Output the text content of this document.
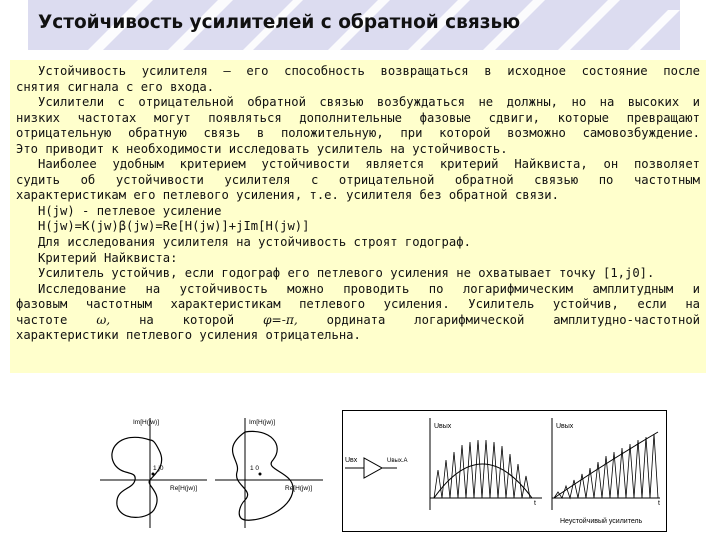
Устойчивость усилителей с обратной связью

Устойчивость усилителя – его способность возвращаться в исходное состояние после

снятия сигнала с его входа.

Усилители с отрицательной обратной связью возбуждаться не должны, но на высоких и

низких частотах могут появляться дополнительные фазовые сдвиги, которые превращают

отрицательную обратную связь в положительную, при которой возможно самовозбуждение.

Это приводит к необходимости исследовать усилитель на устойчивость.

Наиболее удобным критерием устойчивости является критерий Найквиста, он позволяет

судить об устойчивости усилителя с отрицательной обратной связью по частотным

характеристикам его петлевого усиления, т.е. усилителя без обратной связи.

H(jw) - петлевое усиление

H(jw)=K(jw)β(jw)=Re[H(jw)]+jIm[H(jw)]

Для исследования усилителя на устойчивость строят годограф.

Критерий Найквиста:

Усилитель устойчив, если годограф его петлевого усиления не охватывает точку [1,j0].

Исследование на устойчивость можно проводить по логарифмическим амплитудным и

фазовым частотным характеристикам петлевого усиления. Усилитель устойчив, если на

частоте ω, на которой φ=-π, ордината логарифмической амплитудно-частотной

характеристики петлевого усиления отрицательна.

Im[H(jw)]
1 j0
Re[H(jw)]
Im[H(jw)]
1 0
Re[H(jw)]
Uвых
Uвх	Uвых.А
t
Uвых
t
Неустойчивый усилитель
